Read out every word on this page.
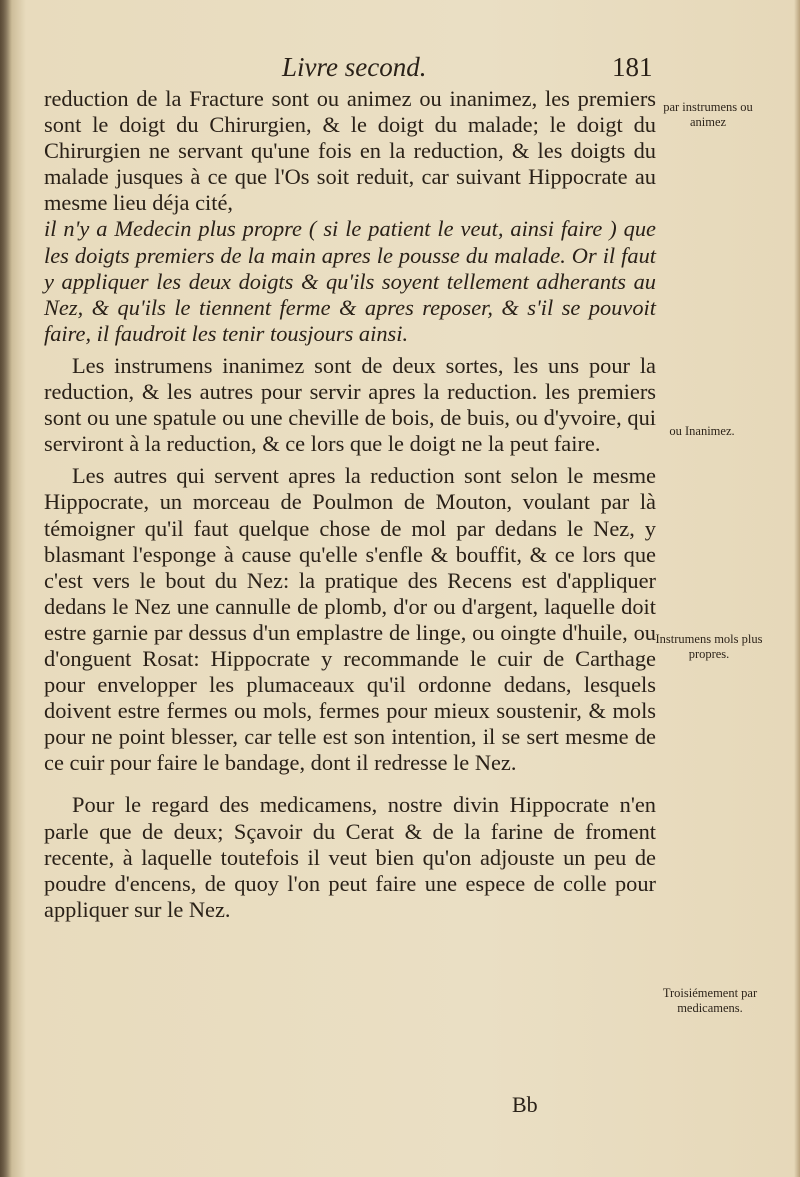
Livre second.	181

reduction de la Fracture sont ou animez ou inanimez, les premiers sont le doigt du Chirurgien, & le doigt du malade; le doigt du Chirurgien ne servant qu'une fois en la reduction, & les doigts du malade jusques à ce que l'Os soit reduit, car suivant Hippocrate au mesme lieu déja cité,

il n'y a Medecin plus propre ( si le patient le veut, ainsi faire ) que les doigts premiers de la main apres le pousse du malade. Or il faut y appliquer les deux doigts & qu'ils soyent tellement adherants au Nez, & qu'ils le tiennent ferme & apres reposer, & s'il se pouvoit faire, il faudroit les tenir tousjours ainsi.

Les instrumens inanimez sont de deux sortes, les uns pour la reduction, & les autres pour servir apres la reduction. les premiers sont ou une spatule ou une cheville de bois, de buis, ou d'yvoire, qui serviront à la reduction, & ce lors que le doigt ne la peut faire.

Les autres qui servent apres la reduction sont selon le mesme Hippocrate, un morceau de Poulmon de Mouton, voulant par là témoigner qu'il faut quelque chose de mol par dedans le Nez, y blasmant l'esponge à cause qu'elle s'enfle & bouffit, & ce lors que c'est vers le bout du Nez: la pratique des Recens est d'appliquer dedans le Nez une cannulle de plomb, d'or ou d'argent, laquelle doit estre garnie par dessus d'un emplastre de linge, ou oingte d'huile, ou d'onguent Rosat: Hippocrate y recommande le cuir de Carthage pour envelopper les plumaceaux qu'il ordonne dedans, lesquels doivent estre fermes ou mols, fermes pour mieux soustenir, & mols pour ne point blesser, car telle est son intention, il se sert mesme de ce cuir pour faire le bandage, dont il redresse le Nez.

Pour le regard des medicamens, nostre divin Hippocrate n'en parle que de deux; Sçavoir du Cerat & de la farine de froment recente, à laquelle toutefois il veut bien qu'on adjouste un peu de poudre d'encens, de quoy l'on peut faire une espece de colle pour appliquer sur le Nez.

par instrumens ou animez
ou Inanimez.
Instrumens mols plus propres.
Troisiémement par medicamens.
Bb
